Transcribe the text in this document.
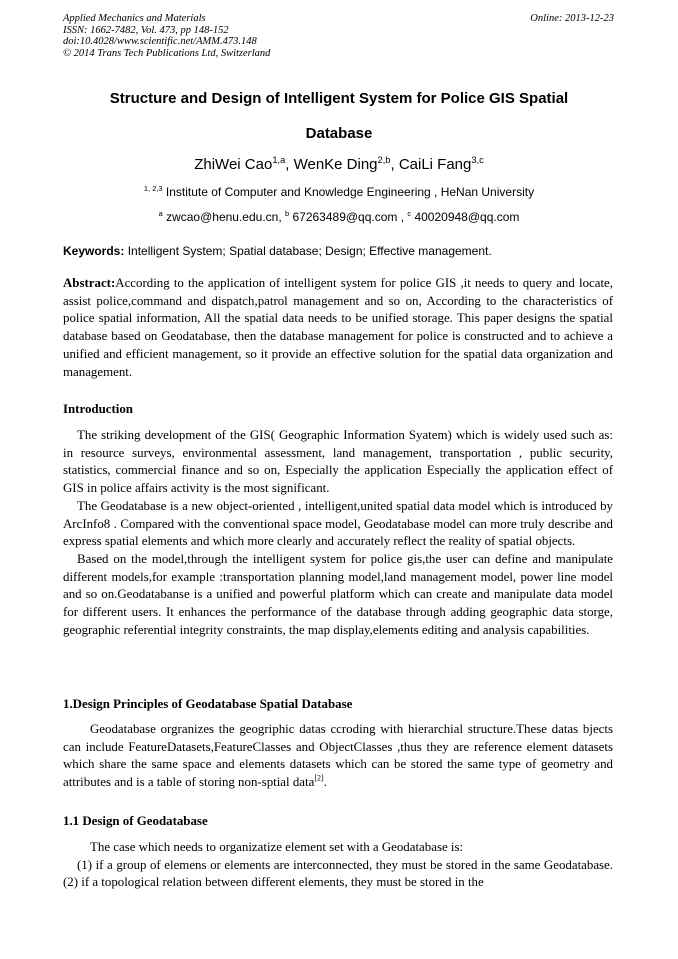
Applied Mechanics and Materials
ISSN: 1662-7482, Vol. 473, pp 148-152
doi:10.4028/www.scientific.net/AMM.473.148
© 2014 Trans Tech Publications Ltd, Switzerland
Online: 2013-12-23
Structure and Design of Intelligent System for Police GIS Spatial
Database
ZhiWei Cao$^{1,a}$, WenKe Ding$^{2,b}$, CaiLi Fang$^{3,c}$
$^{1, 2,3}$ Institute of Computer and Knowledge Engineering , HeNan University
$^a$ zwcao@henu.edu.cn, $^b$ 67263489@qq.com , $^c$ 40020948@qq.com
Keywords: Intelligent System; Spatial database; Design; Effective management.

Abstract:According to the application of intelligent system for police GIS ,it needs to query and locate, assist police,command and dispatch,patrol management and so on, According to the characteristics of police spatial information, All the spatial data needs to be unified storage. This paper designs the spatial database based on Geodatabase, then the database management for police is constructed and to achieve a unified and efficient management, so it provide an effective solution for the spatial data organization and management.

Introduction

The striking development of the GIS( Geographic Information Syatem) which is widely used such as: in resource surveys, environmental assessment, land management, transportation , public security, statistics, commercial finance and so on, Especially the application Especially the application effect of GIS in police affairs activity is the most significant.

The Geodatabase is a new object-oriented , intelligent,united spatial data model which is introduced by ArcInfo8 . Compared with the conventional space model, Geodatabase model can more truly describe and express spatial elements and which more clearly and accurately reflect the reality of spatial objects.

Based on the model,through the intelligent system for police gis,the user can define and manipulate different models,for example :transportation planning model,land management model, power line model and so on.Geodatabanse is a unified and powerful platform which can create and manipulate data model for different users. It enhances the performance of the database through adding geographic data storge, geographic referential integrity constraints, the map display,elements editing and analysis capabilities.

1.Design Principles of Geodatabase Spatial Database

Geodatabase orgranizes the geogriphic datas ccroding with hierarchial structure.These datas bjects can include FeatureDatasets,FeatureClasses and ObjectClasses ,thus they are reference element datasets which share the same space and elements datasets which can be stored the same type of geometry and attributes and is a table of storing non-sptial data[2].

1.1 Design of Geodatabase

The case which needs to organizatize element set with a Geodatabase is:

(1) if a group of elemens or elements are interconnected, they must be stored in the same Geodatabase.(2) if a topological relation between different elements, they must be stored in the
